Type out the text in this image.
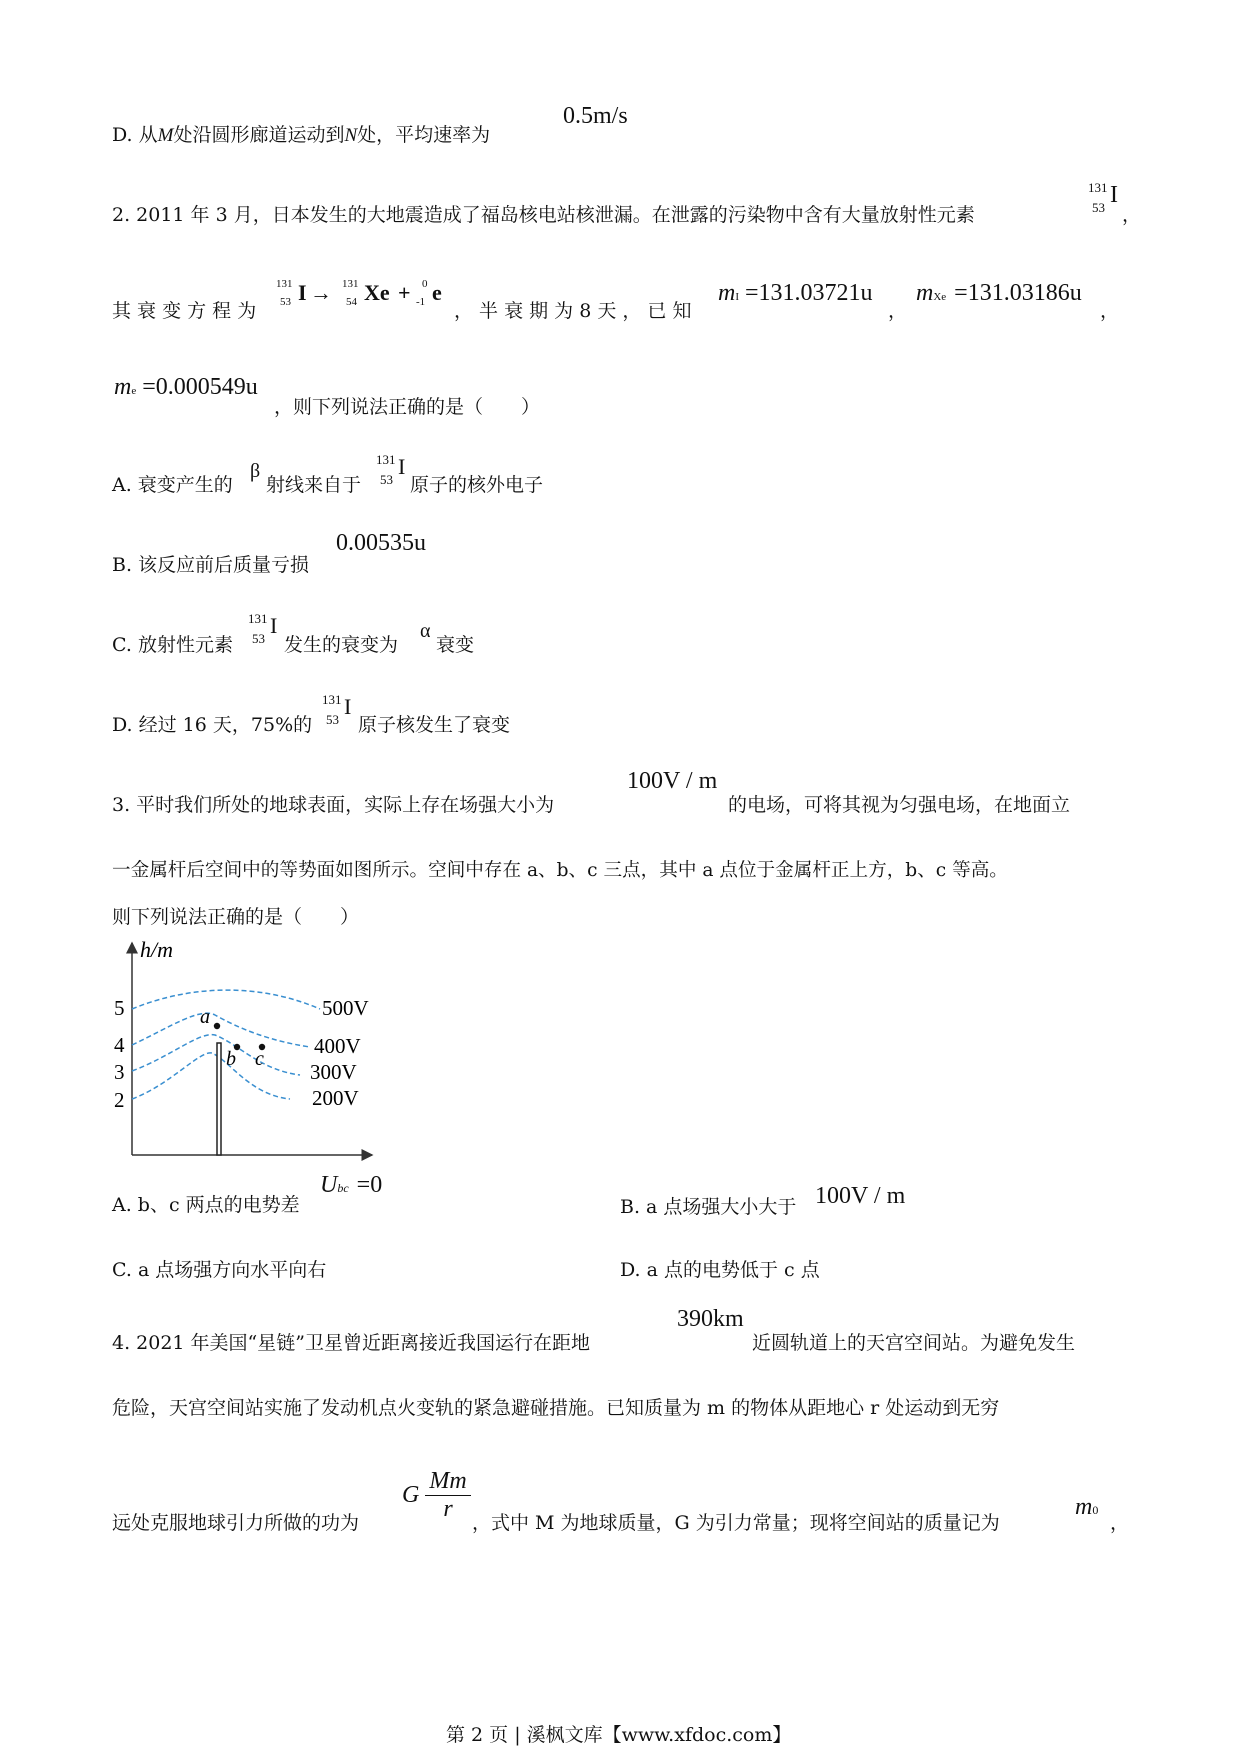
D. 从M处沿圆形廊道运动到N处，平均速率为
0.5m/s
2. 2011 年 3 月，日本发生的大地震造成了福岛核电站核泄漏。在泄露的污染物中含有大量放射性元素
131
53 I
，
其 衰 变 方 程 为
131
53 I → 131
54 Xe + 0
-1 e
， 半 衰 期 为 8 天 ， 已 知
mI =131.03721u
，
mXe =131.03186u
，
me =0.000549u
，则下列说法正确的是（　　）
A. 衰变产生的
β
射线来自于
131
53
I
原子的核外电子
B. 该反应前后质量亏损
0.00535u
C. 放射性元素
131
53
I
发生的衰变为
α
衰变
D. 经过 16 天，75%的
131
53
I
原子核发生了衰变
3. 平时我们所处的地球表面，实际上存在场强大小为
100V / m
的电场，可将其视为匀强电场，在地面立
一金属杆后空间中的等势面如图所示。空间中存在 a、b、c 三点，其中 a 点位于金属杆正上方，b、c 等高。
则下列说法正确的是（　　）
h/m
5
4
3
2
500V
400V
300V
200V
a
b c
A. b、c 两点的电势差
Ubc =0
B. a 点场强大小大于 100V / m
C. a 点场强方向水平向右	D. a 点的电势低于 c 点
4. 2021 年美国“星链”卫星曾近距离接近我国运行在距地
390km
近圆轨道上的天宫空间站。为避免发生
危险，天宫空间站实施了发动机点火变轨的紧急避碰措施。已知质量为 m 的物体从距地心 r 处运动到无穷
远处克服地球引力所做的功为
G $\frac{Mm}{r}$ ，式中 M 为地球质量，G 为引力常量；现将空间站的质量记为
m0
，
第 2 页 | 溪枫文库【www.xfdoc.com】
